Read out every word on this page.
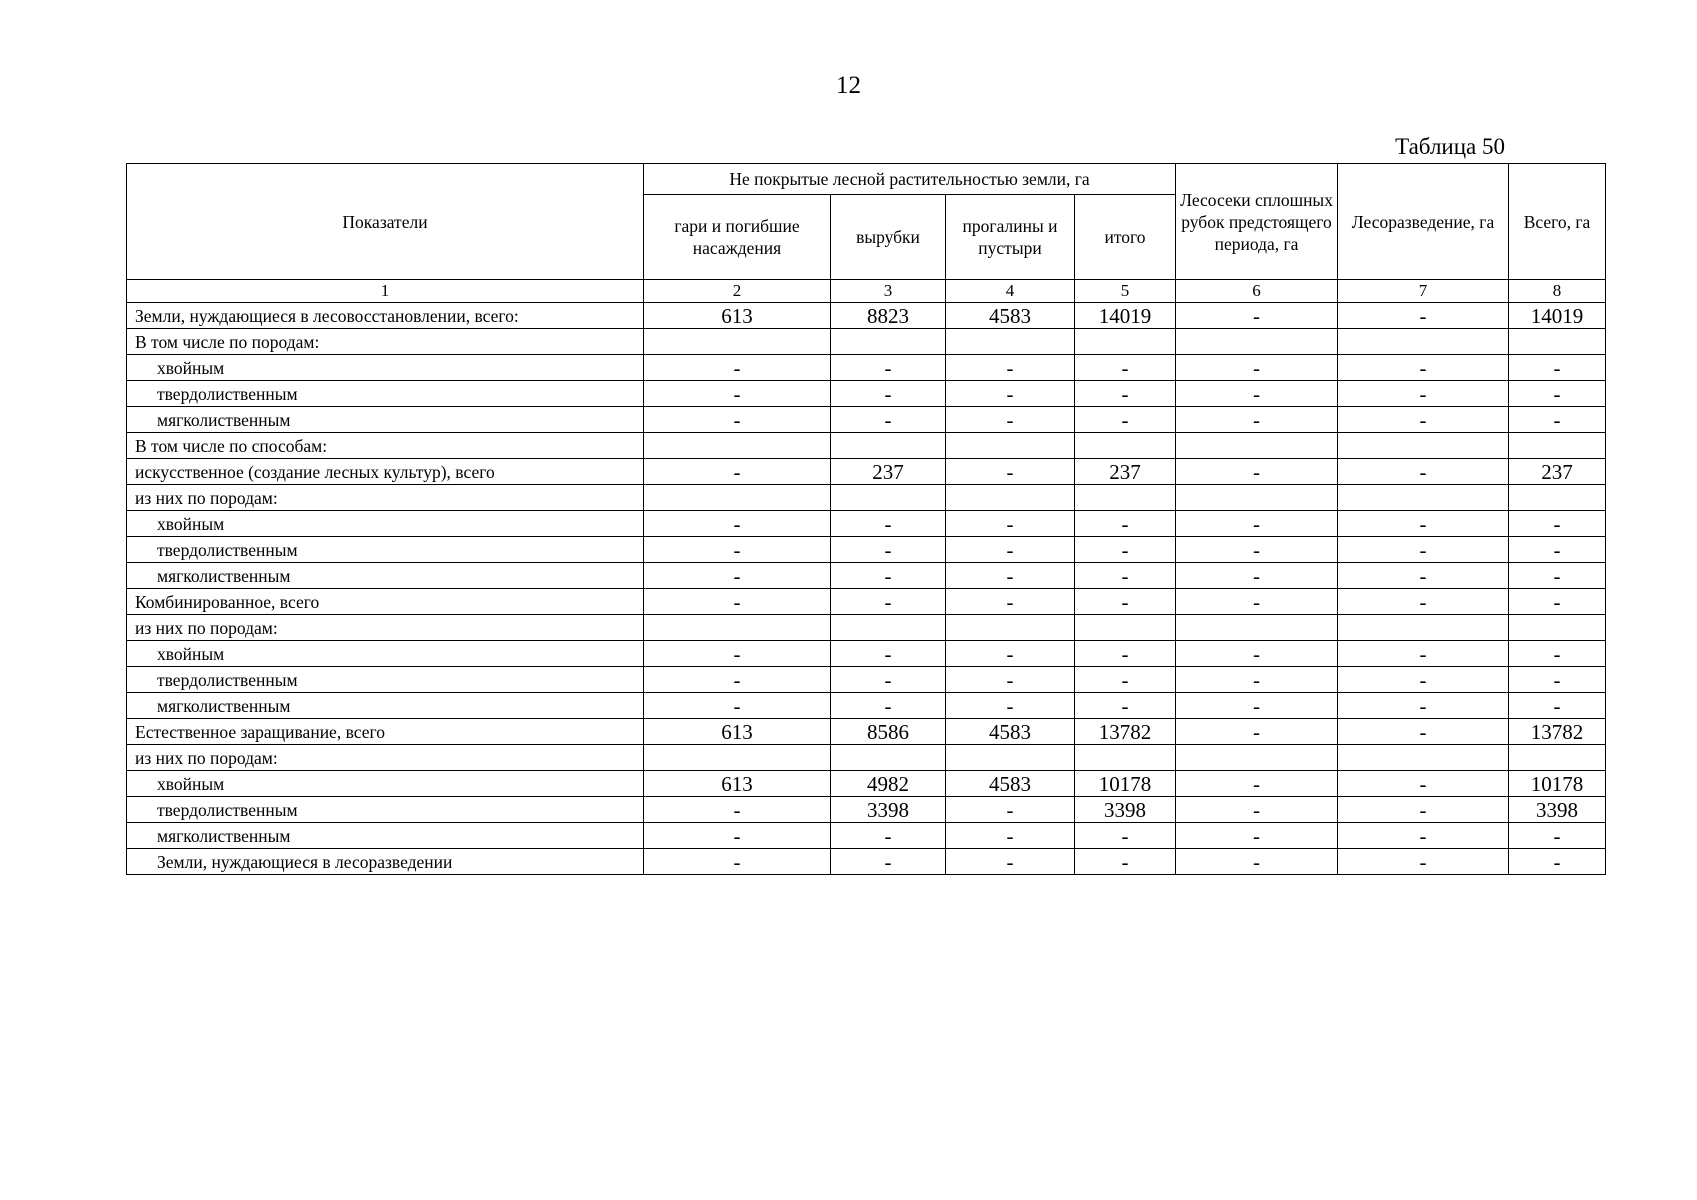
12
Таблица 50
Показатели	Не покрытые лесной растительностью земли, га				Лесосеки сплошных рубок предстоящего периода, га	Лесоразведение, га	Всего, га
	гари и погибшие насаждения	вырубки	прогалины и пустыри	итого			
1	2	3	4	5	6	7	8
Земли, нуждающиеся в лесовосстановлении, всего:	613	8823	4583	14019	-	-	14019
В том числе по породам:							
хвойным	-	-	-	-	-	-	-
твердолиственным	-	-	-	-	-	-	-
мягколиственным	-	-	-	-	-	-	-
В том числе по способам:							
искусственное (создание лесных культур), всего	-	237	-	237	-	-	237
из них по породам:							
хвойным	-	-	-	-	-	-	-
твердолиственным	-	-	-	-	-	-	-
мягколиственным	-	-	-	-	-	-	-
Комбинированное, всего	-	-	-	-	-	-	-
из них по породам:							
хвойным	-	-	-	-	-	-	-
твердолиственным	-	-	-	-	-	-	-
мягколиственным	-	-	-	-	-	-	-
Естественное заращивание, всего	613	8586	4583	13782	-	-	13782
из них по породам:							
хвойным	613	4982	4583	10178	-	-	10178
твердолиственным	-	3398	-	3398	-	-	3398
мягколиственным	-	-	-	-	-	-	-
Земли, нуждающиеся в лесоразведении	-	-	-	-	-	-	-
